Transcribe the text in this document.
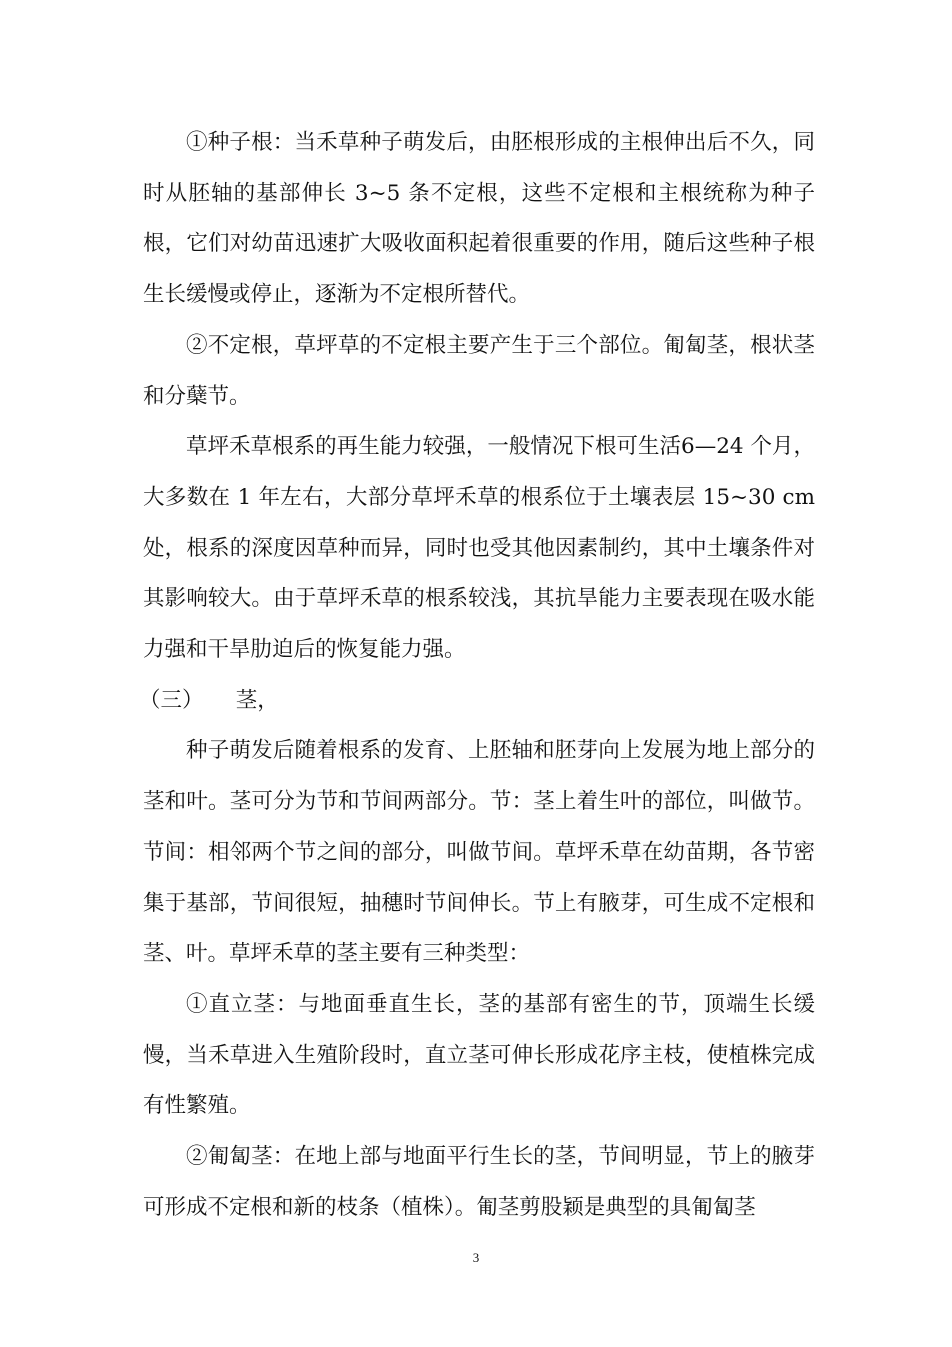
①种子根：当禾草种子萌发后，由胚根形成的主根伸出后不久，同时从胚轴的基部伸长 3~5 条不定根，这些不定根和主根统称为种子根，它们对幼苗迅速扩大吸收面积起着很重要的作用，随后这些种子根生长缓慢或停止，逐渐为不定根所替代。

②不定根，草坪草的不定根主要产生于三个部位。匍匐茎，根状茎和分蘖节。

草坪禾草根系的再生能力较强，一般情况下根可生活6—24 个月，大多数在 1 年左右，大部分草坪禾草的根系位于土壤表层 15~30 cm处，根系的深度因草种而异，同时也受其他因素制约，其中土壤条件对其影响较大。由于草坪禾草的根系较浅，其抗旱能力主要表现在吸水能力强和干旱肋迫后的恢复能力强。

（三）　　茎，

种子萌发后随着根系的发育、上胚轴和胚芽向上发展为地上部分的茎和叶。茎可分为节和节间两部分。节：茎上着生叶的部位，叫做节。节间：相邻两个节之间的部分，叫做节间。草坪禾草在幼苗期，各节密集于基部，节间很短，抽穗时节间伸长。节上有腋芽，可生成不定根和茎、叶。草坪禾草的茎主要有三种类型：

①直立茎：与地面垂直生长，茎的基部有密生的节，顶端生长缓慢，当禾草进入生殖阶段时，直立茎可伸长形成花序主枝，使植株完成有性繁殖。

②匍匐茎：在地上部与地面平行生长的茎，节间明显，节上的腋芽可形成不定根和新的枝条（植株）。匍茎剪股颖是典型的具匍匐茎

3
